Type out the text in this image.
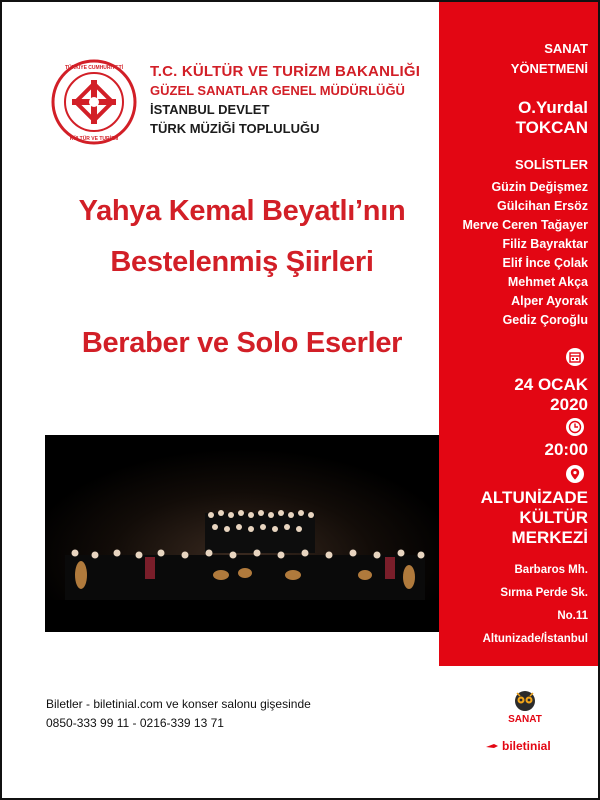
TÜRKİYE CUMHURİYETİ
KÜLTÜR VE TURİZM
T.C. KÜLTÜR VE TURİZM BAKANLIĞI
GÜZEL SANATLAR GENEL MÜDÜRLÜĞÜ
İSTANBUL DEVLET
TÜRK MÜZİĞİ TOPLULUĞU
Yahya Kemal Beyatlı’nın
Bestelenmiş Şiirleri
Beraber ve Solo Eserler
Biletler - biletinial.com ve konser salonu gişesinde
0850-333 99 11 - 0216-339 13 71
SANAT
YÖNETMENİ
O.Yurdal
TOKCAN
SOLİSTLER
Güzin Değişmez
Gülcihan Ersöz
Merve Ceren Tağayer
Filiz Bayraktar
Elif İnce Çolak
Mehmet Akça
Alper Ayorak
Gediz Çoroğlu
24 OCAK
2020
20:00
ALTUNİZADE
KÜLTÜR
MERKEZİ
Barbaros Mh.
Sırma Perde Sk.
No.11
Altunizade/İstanbul
SANAT
biletinial
